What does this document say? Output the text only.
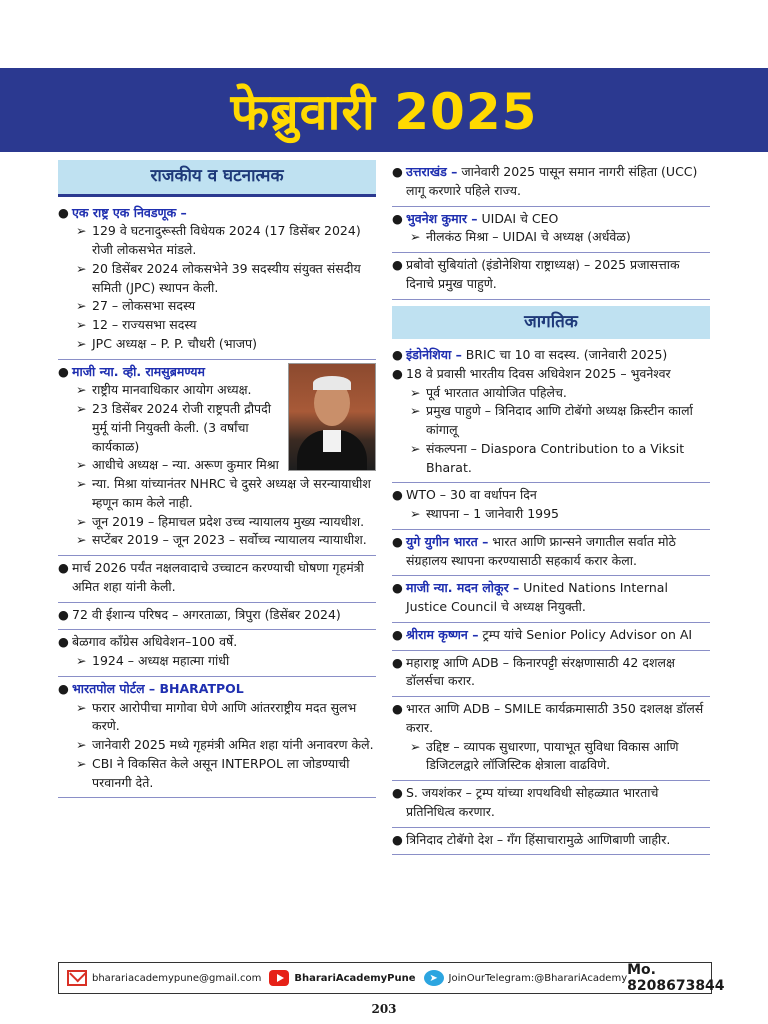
फेब्रुवारी 2025
राजकीय व घटनात्मक
● एक राष्ट्र एक निवडणूक –
➢ 129 वे घटनादुरूस्ती विधेयक 2024 (17 डिसेंबर 2024) रोजी लोकसभेत मांडले.
➢ 20 डिसेंबर 2024 लोकसभेने 39 सदस्यीय संयुक्त संसदीय समिती (JPC) स्थापन केली.
➢ 27 – लोकसभा सदस्य
➢ 12 – राज्यसभा सदस्य
➢ JPC अध्यक्ष – P. P. चौधरी (भाजप)
● माजी न्या. व्ही. रामसुब्रमण्यम
➢ राष्ट्रीय मानवाधिकार आयोग अध्यक्ष.
➢ 23 डिसेंबर 2024 रोजी राष्ट्रपती द्रौपदी मुर्मू यांनी नियुक्ती केली. (3 वर्षांचा कार्यकाळ)
➢ आधीचे अध्यक्ष – न्या. अरूण कुमार मिश्रा
➢ न्या. मिश्रा यांच्यानंतर NHRC चे दुसरे अध्यक्ष जे सरन्यायाधीश म्हणून काम केले नाही.
➢ जून 2019 – हिमाचल प्रदेश उच्च न्यायालय मुख्य न्यायधीश.
➢ सप्टेंबर 2019 – जून 2023 – सर्वोच्च न्यायालय न्यायाधीश.
● मार्च 2026 पर्यंत नक्षलवादाचे उच्चाटन करण्याची घोषणा गृहमंत्री अमित शहा यांनी केली.
● 72 वी ईशान्य परिषद – अगरताळा, त्रिपुरा (डिसेंबर 2024)
● बेळगाव काँग्रेस अधिवेशन–100 वर्षे.
➢ 1924 – अध्यक्ष महात्मा गांधी
● भारतपोल पोर्टल – BHARATPOL
➢ फरार आरोपीचा मागोवा घेणे आणि आंतरराष्ट्रीय मदत सुलभ करणे.
➢ जानेवारी 2025 मध्ये गृहमंत्री अमित शहा यांनी अनावरण केले.
➢ CBI ने विकसित केले असून INTERPOL ला जोडण्याची परवानगी देते.
● उत्तराखंड – जानेवारी 2025 पासून समान नागरी संहिता (UCC) लागू करणारे पहिले राज्य.
● भुवनेश कुमार – UIDAI चे CEO
➢ नीलकंठ मिश्रा – UIDAI चे अध्यक्ष (अर्धवेळ)
● प्रबोवो सुबियांतो (इंडोनेशिया राष्ट्राध्यक्ष) – 2025 प्रजासत्ताक दिनाचे प्रमुख पाहुणे.
जागतिक
● इंडोनेशिया – BRIC चा 10 वा सदस्य. (जानेवारी 2025)
● 18 वे प्रवासी भारतीय दिवस अधिवेशन 2025 – भुवनेश्वर
➢ पूर्व भारतात आयोजित पहिलेच.
➢ प्रमुख पाहुणे – त्रिनिदाद आणि टोबॅगो अध्यक्ष क्रिस्टीन कार्ला कांगालू
➢ संकल्पना – Diaspora Contribution to a Viksit Bharat.
● WTO – 30 वा वर्धापन दिन
➢ स्थापना – 1 जानेवारी 1995
● युगे युगीन भारत – भारत आणि फ्रान्सने जगातील सर्वात मोठे संग्रहालय स्थापना करण्यासाठी सहकार्य करार केला.
● माजी न्या. मदन लोकूर – United Nations Internal Justice Council चे अध्यक्ष नियुक्ती.
● श्रीराम कृष्णन – ट्रम्प यांचे Senior Policy Advisor on AI
● महाराष्ट्र आणि ADB – किनारपट्टी संरक्षणासाठी 42 दशलक्ष डॉलर्सचा करार.
● भारत आणि ADB – SMILE कार्यक्रमासाठी 350 दशलक्ष डॉलर्स करार.
➢ उद्दिष्ट – व्यापक सुधारणा, पायाभूत सुविधा विकास आणि डिजिटलद्वारे लॉजिस्टिक क्षेत्राला वाढविणे.
● S. जयशंकर – ट्रम्प यांच्या शपथविधी सोहळ्यात भारताचे प्रतिनिधित्व करणार.
● त्रिनिदाद टोबॅगो देश – गँग हिंसाचारामुळे आणिबाणी जाहीर.
bharariacademypune@gmail.com	BharariAcademyPune	➤	JoinOurTelegram:@BharariAcademy Mo. 8208673844
203
